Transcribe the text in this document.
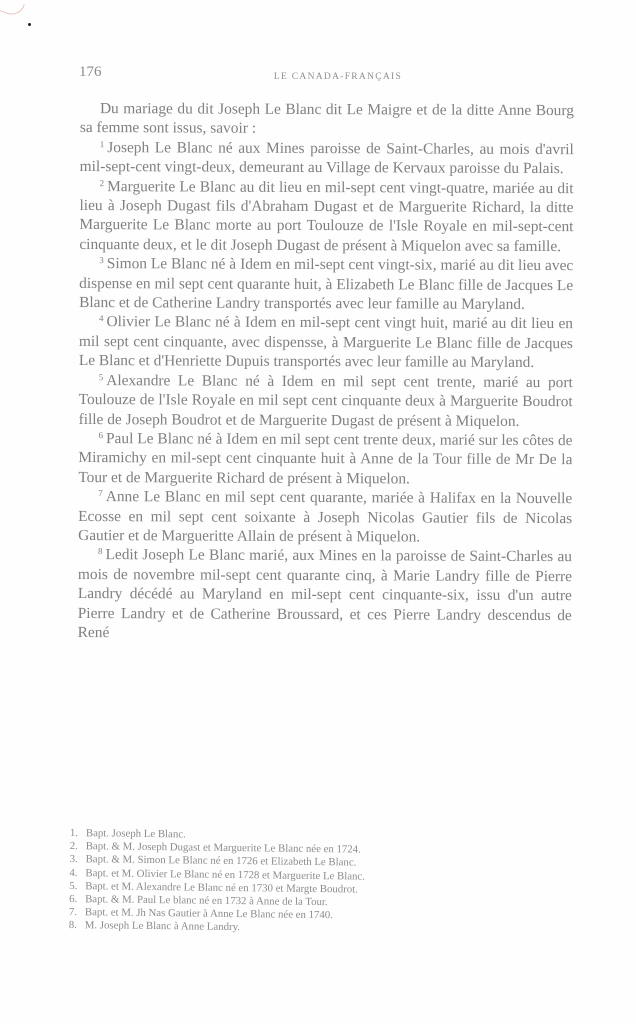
176	LE CANADA-FRANÇAIS

Du mariage du dit Joseph Le Blanc dit Le Maigre et de la ditte Anne Bourg sa femme sont issus, savoir :

$^1$ Joseph Le Blanc né aux Mines paroisse de Saint-Charles, au mois d'avril mil-sept-cent vingt-deux, demeurant au Village de Kervaux paroisse du Palais.

$^2$ Marguerite Le Blanc au dit lieu en mil-sept cent vingt-quatre, mariée au dit lieu à Joseph Dugast fils d'Abraham Dugast et de Marguerite Richard, la ditte Marguerite Le Blanc morte au port Toulouze de l'Isle Royale en mil-sept-cent cinquante deux, et le dit Joseph Dugast de présent à Miquelon avec sa famille.

$^3$ Simon Le Blanc né à Idem en mil-sept cent vingt-six, marié au dit lieu avec dispense en mil sept cent quarante huit, à Elizabeth Le Blanc fille de Jacques Le Blanc et de Catherine Landry transportés avec leur famille au Maryland.

$^4$ Olivier Le Blanc né à Idem en mil-sept cent vingt huit, marié au dit lieu en mil sept cent cinquante, avec dispensse, à Marguerite Le Blanc fille de Jacques Le Blanc et d'Henriette Dupuis transportés avec leur famille au Maryland.

$^5$ Alexandre Le Blanc né à Idem en mil sept cent trente, marié au port Toulouze de l'Isle Royale en mil sept cent cinquante deux à Marguerite Boudrot fille de Joseph Boudrot et de Marguerite Dugast de présent à Miquelon.

$^6$ Paul Le Blanc né à Idem en mil sept cent trente deux, marié sur les côtes de Miramichy en mil-sept cent cinquante huit à Anne de la Tour fille de Mr De la Tour et de Marguerite Richard de présent à Miquelon.

$^7$ Anne Le Blanc en mil sept cent quarante, mariée à Halifax en la Nouvelle Ecosse en mil sept cent soixante à Joseph Nicolas Gautier fils de Nicolas Gautier et de Margueritte Allain de présent à Miquelon.

$^8$ Ledit Joseph Le Blanc marié, aux Mines en la paroisse de Saint-Charles au mois de novembre mil-sept cent quarante cinq, à Marie Landry fille de Pierre Landry décédé au Maryland en mil-sept cent cinquante-six, issu d'un autre Pierre Landry et de Catherine Broussard, et ces Pierre Landry descendus de René

1. Bapt. Joseph Le Blanc.
2. Bapt. & M. Joseph Dugast et Marguerite Le Blanc née en 1724.
3. Bapt. & M. Simon Le Blanc né en 1726 et Elizabeth Le Blanc.
4. Bapt. et M. Olivier Le Blanc né en 1728 et Marguerite Le Blanc.
5. Bapt. et M. Alexandre Le Blanc né en 1730 et Margte Boudrot.
6. Bapt. & M. Paul Le blanc né en 1732 à Anne de la Tour.
7. Bapt. et M. Jh Nas Gautier à Anne Le Blanc née en 1740.
8. M. Joseph Le Blanc à Anne Landry.
